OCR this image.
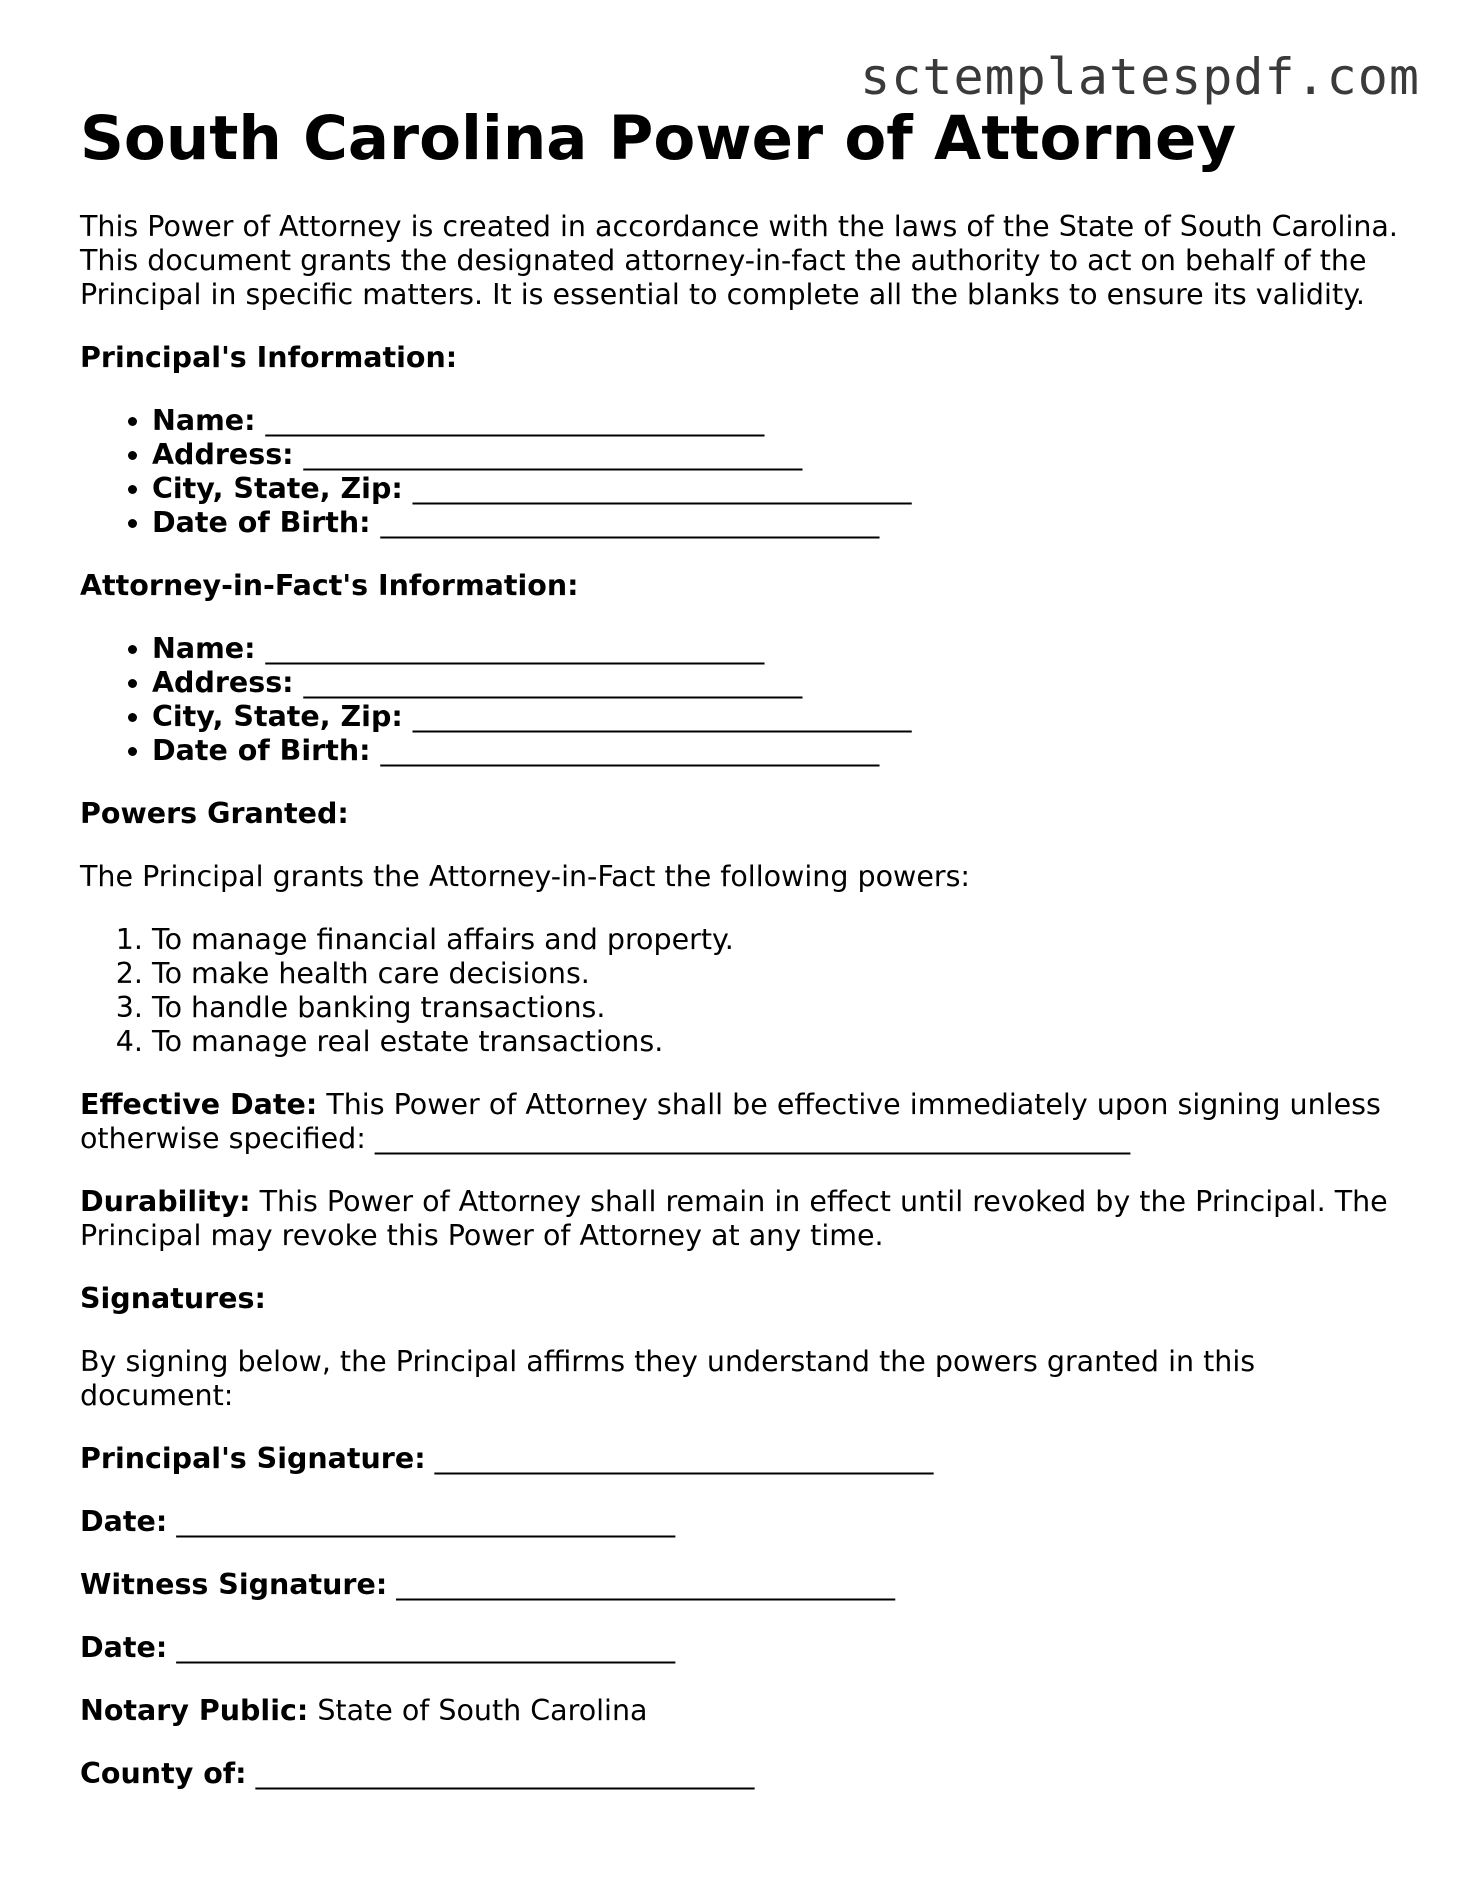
sctemplatespdf.com
South Carolina Power of Attorney

This Power of Attorney is created in accordance with the laws of the State of South Carolina. This document grants the designated attorney-in-fact the authority to act on behalf of the Principal in specific matters. It is essential to complete all the blanks to ensure its validity.

Principal's Information:

• Name: ___________________________________
• Address: ___________________________________
• City, State, Zip: ___________________________________
• Date of Birth: ___________________________________

Attorney-in-Fact's Information:

• Name: ___________________________________
• Address: ___________________________________
• City, State, Zip: ___________________________________
• Date of Birth: ___________________________________

Powers Granted:

The Principal grants the Attorney-in-Fact the following powers:

1. To manage financial affairs and property.
2. To make health care decisions.
3. To handle banking transactions.
4. To manage real estate transactions.

Effective Date: This Power of Attorney shall be effective immediately upon signing unless otherwise specified: _____________________________________________________

Durability: This Power of Attorney shall remain in effect until revoked by the Principal. The Principal may revoke this Power of Attorney at any time.

Signatures:

By signing below, the Principal affirms they understand the powers granted in this document:

Principal's Signature: ___________________________________

Date: ___________________________________

Witness Signature: ___________________________________

Date: ___________________________________

Notary Public: State of South Carolina

County of: ___________________________________
